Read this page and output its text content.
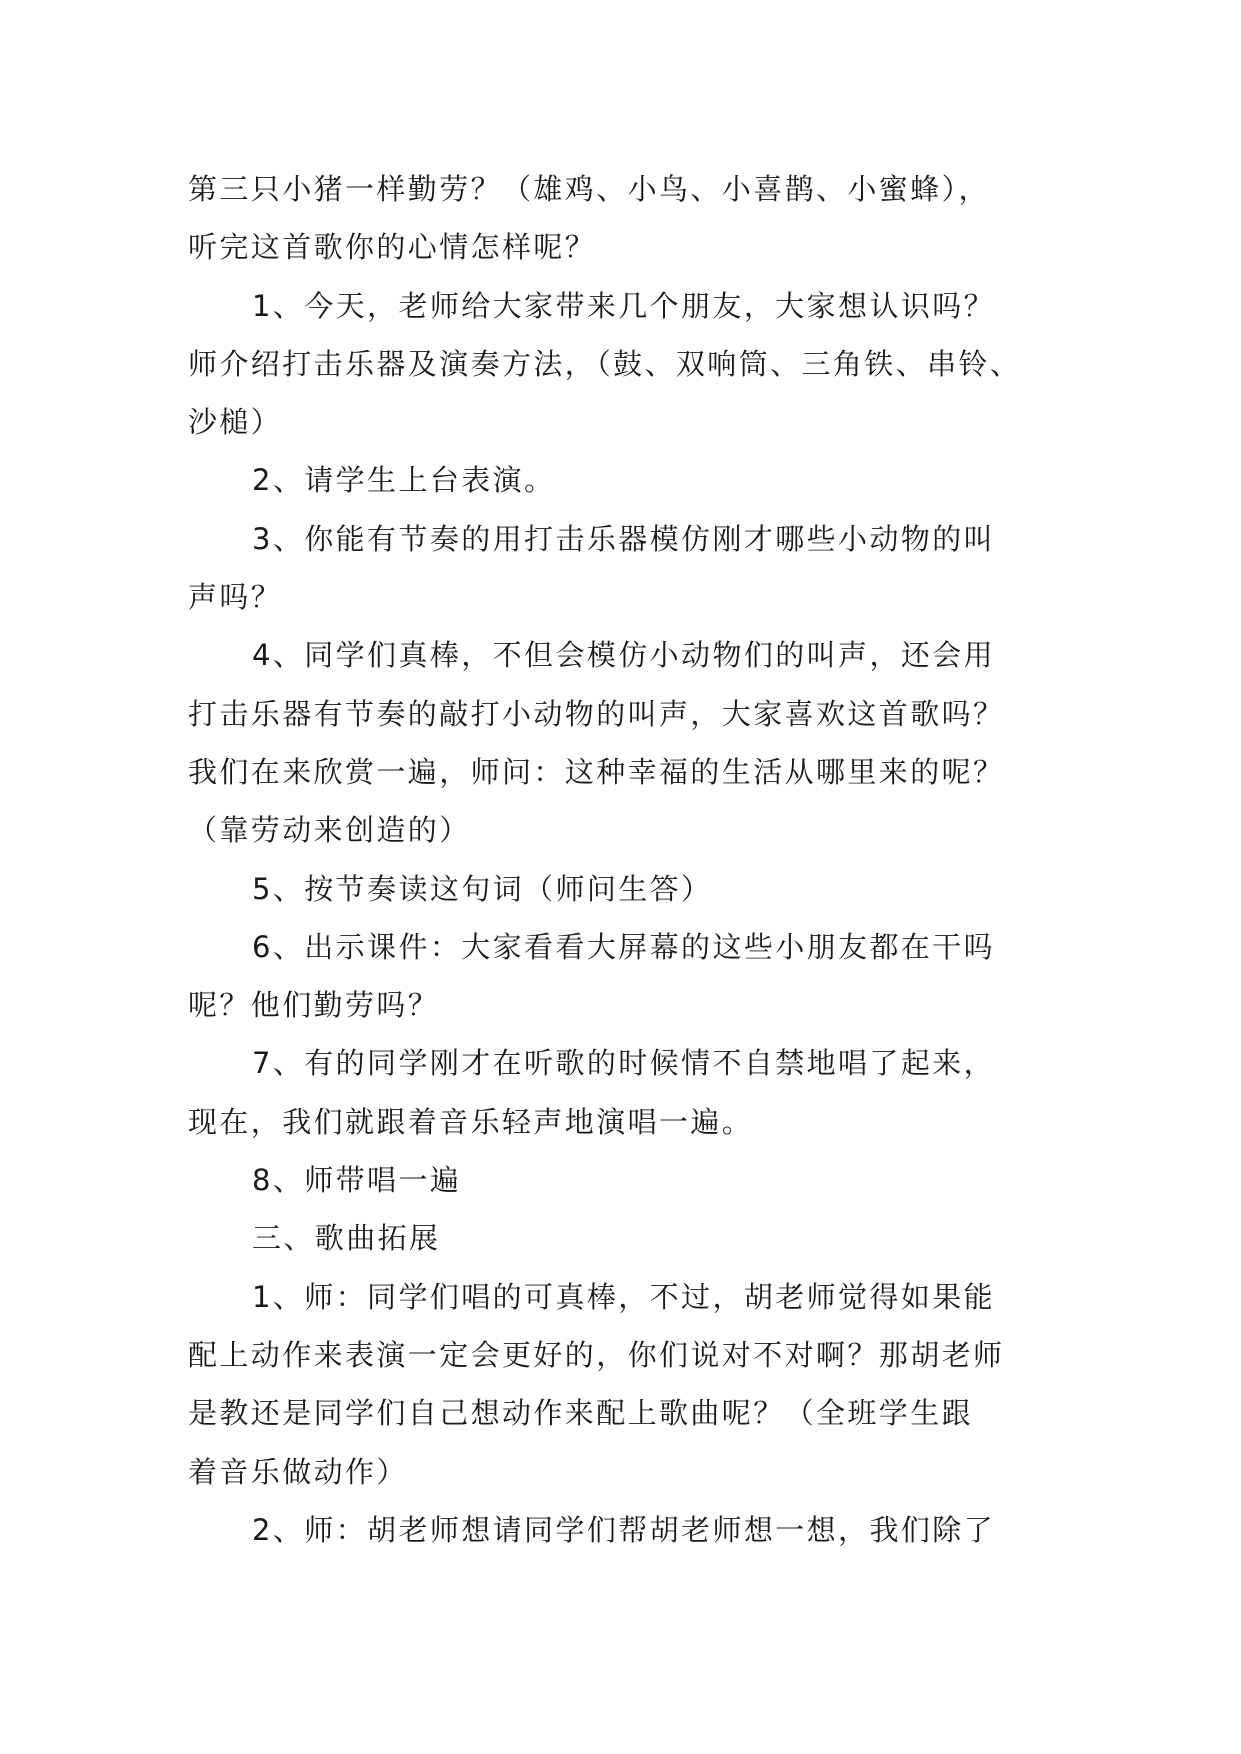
第三只小猪一样勤劳？（雄鸡、小鸟、小喜鹊、小蜜蜂），
听完这首歌你的心情怎样呢？
1、今天，老师给大家带来几个朋友，大家想认识吗？
师介绍打击乐器及演奏方法，（鼓、双响筒、三角铁、串铃、
沙槌）
2、请学生上台表演。
3、你能有节奏的用打击乐器模仿刚才哪些小动物的叫
声吗？
4、同学们真棒，不但会模仿小动物们的叫声，还会用
打击乐器有节奏的敲打小动物的叫声，大家喜欢这首歌吗？
我们在来欣赏一遍，师问：这种幸福的生活从哪里来的呢？
（靠劳动来创造的）
5、按节奏读这句词（师问生答）
6、出示课件：大家看看大屏幕的这些小朋友都在干吗
呢？他们勤劳吗？
7、有的同学刚才在听歌的时候情不自禁地唱了起来，
现在，我们就跟着音乐轻声地演唱一遍。
8、师带唱一遍
三、歌曲拓展
1、师：同学们唱的可真棒，不过，胡老师觉得如果能
配上动作来表演一定会更好的，你们说对不对啊？那胡老师
是教还是同学们自己想动作来配上歌曲呢？（全班学生跟
着音乐做动作）
2、师：胡老师想请同学们帮胡老师想一想，我们除了
